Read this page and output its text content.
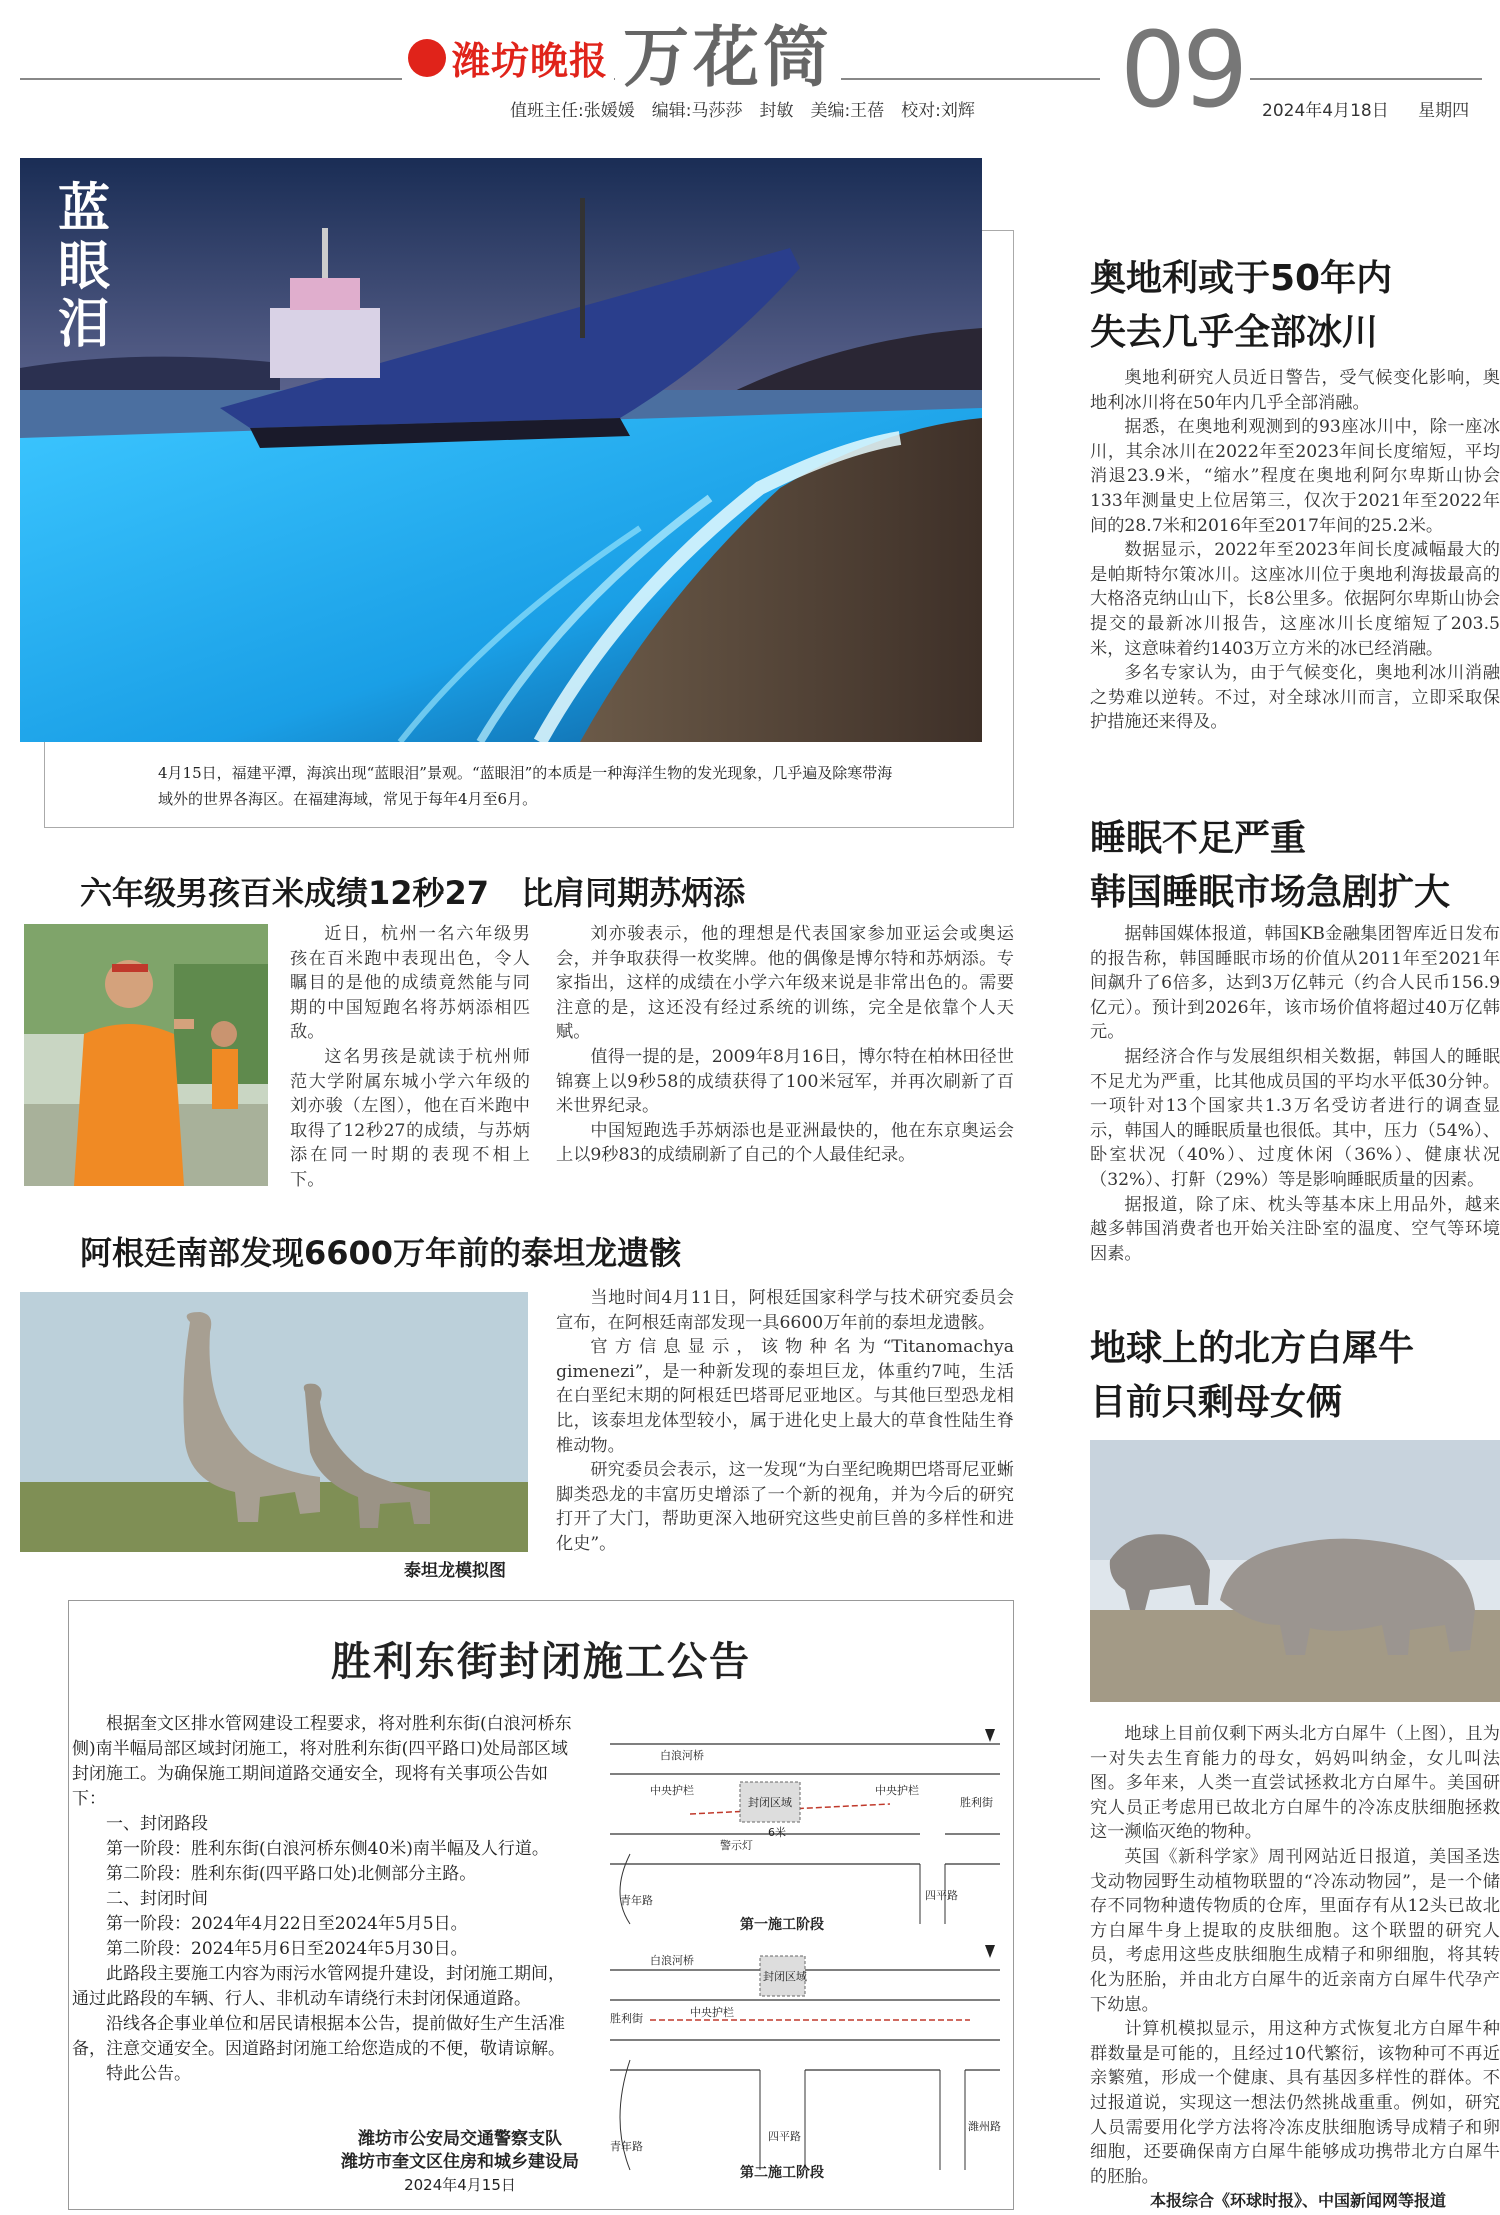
潍坊晚报 万花筒	09
值班主任:张媛媛　编辑:马莎莎　封敏　美编:王蓓　校对:刘辉	2024年4月18日 星期四
蓝眼泪
4月15日，福建平潭，海滨出现“蓝眼泪”景观。“蓝眼泪”的本质是一种海洋生物的发光现象，几乎遍及除寒带海域外的世界各海区。在福建海域，常见于每年4月至6月。
六年级男孩百米成绩12秒27　比肩同期苏炳添

近日，杭州一名六年级男孩在百米跑中表现出色，令人瞩目的是他的成绩竟然能与同期的中国短跑名将苏炳添相匹敌。

这名男孩是就读于杭州师范大学附属东城小学六年级的刘亦骏（左图），他在百米跑中取得了12秒27的成绩，与苏炳添在同一时期的表现不相上下。

刘亦骏表示，他的理想是代表国家参加亚运会或奥运会，并争取获得一枚奖牌。他的偶像是博尔特和苏炳添。专家指出，这样的成绩在小学六年级来说是非常出色的。需要注意的是，这还没有经过系统的训练，完全是依靠个人天赋。

值得一提的是，2009年8月16日，博尔特在柏林田径世锦赛上以9秒58的成绩获得了100米冠军，并再次刷新了百米世界纪录。

中国短跑选手苏炳添也是亚洲最快的，他在东京奥运会上以9秒83的成绩刷新了自己的个人最佳纪录。

阿根廷南部发现6600万年前的泰坦龙遗骸
泰坦龙模拟图

当地时间4月11日，阿根廷国家科学与技术研究委员会宣布，在阿根廷南部发现一具6600万年前的泰坦龙遗骸。

官方信息显示，该物种名为“Titanomachya gimenezi”，是一种新发现的泰坦巨龙，体重约7吨，生活在白垩纪末期的阿根廷巴塔哥尼亚地区。与其他巨型恐龙相比，该泰坦龙体型较小，属于进化史上最大的草食性陆生脊椎动物。

研究委员会表示，这一发现“为白垩纪晚期巴塔哥尼亚蜥脚类恐龙的丰富历史增添了一个新的视角，并为今后的研究打开了大门，帮助更深入地研究这些史前巨兽的多样性和进化史”。

胜利东街封闭施工公告

根据奎文区排水管网建设工程要求，将对胜利东街(白浪河桥东侧)南半幅局部区域封闭施工，将对胜利东街(四平路口)处局部区域封闭施工。为确保施工期间道路交通安全，现将有关事项公告如下：

一、封闭路段

第一阶段：胜利东街(白浪河桥东侧40米)南半幅及人行道。

第二阶段：胜利东街(四平路口处)北侧部分主路。

二、封闭时间

第一阶段：2024年4月22日至2024年5月5日。

第二阶段：2024年5月6日至2024年5月30日。

此路段主要施工内容为雨污水管网提升建设，封闭施工期间，通过此路段的车辆、行人、非机动车请绕行未封闭保通道路。

沿线各企事业单位和居民请根据本公告，提前做好生产生活准备，注意交通安全。因道路封闭施工给您造成的不便，敬请谅解。

特此公告。

潍坊市公安局交通警察支队
潍坊市奎文区住房和城乡建设局
2024年4月15日
封闭区域
白浪河桥
胜利街
青年路	四平路
中央护栏	中央护栏
警示灯
6米
第一施工阶段
封闭区域
白浪河桥
胜利街	中央护栏
青年路
四平路
潍州路
第二施工阶段
奥地利或于50年内
失去几乎全部冰川

奥地利研究人员近日警告，受气候变化影响，奥地利冰川将在50年内几乎全部消融。

据悉，在奥地利观测到的93座冰川中，除一座冰川，其余冰川在2022年至2023年间长度缩短，平均消退23.9米，“缩水”程度在奥地利阿尔卑斯山协会133年测量史上位居第三，仅次于2021年至2022年间的28.7米和2016年至2017年间的25.2米。

数据显示，2022年至2023年间长度减幅最大的是帕斯特尔策冰川。这座冰川位于奥地利海拔最高的大格洛克纳山山下，长8公里多。依据阿尔卑斯山协会提交的最新冰川报告，这座冰川长度缩短了203.5米，这意味着约1403万立方米的冰已经消融。

多名专家认为，由于气候变化，奥地利冰川消融之势难以逆转。不过，对全球冰川而言，立即采取保护措施还来得及。

睡眠不足严重
韩国睡眠市场急剧扩大

据韩国媒体报道，韩国KB金融集团智库近日发布的报告称，韩国睡眠市场的价值从2011年至2021年间飙升了6倍多，达到3万亿韩元（约合人民币156.9亿元）。预计到2026年，该市场价值将超过40万亿韩元。

据经济合作与发展组织相关数据，韩国人的睡眠不足尤为严重，比其他成员国的平均水平低30分钟。一项针对13个国家共1.3万名受访者进行的调查显示，韩国人的睡眠质量也很低。其中，压力（54%）、卧室状况（40%）、过度休闲（36%）、健康状况（32%）、打鼾（29%）等是影响睡眠质量的因素。

据报道，除了床、枕头等基本床上用品外，越来越多韩国消费者也开始关注卧室的温度、空气等环境因素。

地球上的北方白犀牛
目前只剩母女俩

地球上目前仅剩下两头北方白犀牛（上图），且为一对失去生育能力的母女，妈妈叫纳金，女儿叫法图。多年来，人类一直尝试拯救北方白犀牛。美国研究人员正考虑用已故北方白犀牛的冷冻皮肤细胞拯救这一濒临灭绝的物种。

英国《新科学家》周刊网站近日报道，美国圣迭戈动物园野生动植物联盟的“冷冻动物园”，是一个储存不同物种遗传物质的仓库，里面存有从12头已故北方白犀牛身上提取的皮肤细胞。这个联盟的研究人员，考虑用这些皮肤细胞生成精子和卵细胞，将其转化为胚胎，并由北方白犀牛的近亲南方白犀牛代孕产下幼崽。

计算机模拟显示，用这种方式恢复北方白犀牛种群数量是可能的，且经过10代繁衍，该物种可不再近亲繁殖，形成一个健康、具有基因多样性的群体。不过报道说，实现这一想法仍然挑战重重。例如，研究人员需要用化学方法将冷冻皮肤细胞诱导成精子和卵细胞，还要确保南方白犀牛能够成功携带北方白犀牛的胚胎。

本报综合《环球时报》、中国新闻网等报道
